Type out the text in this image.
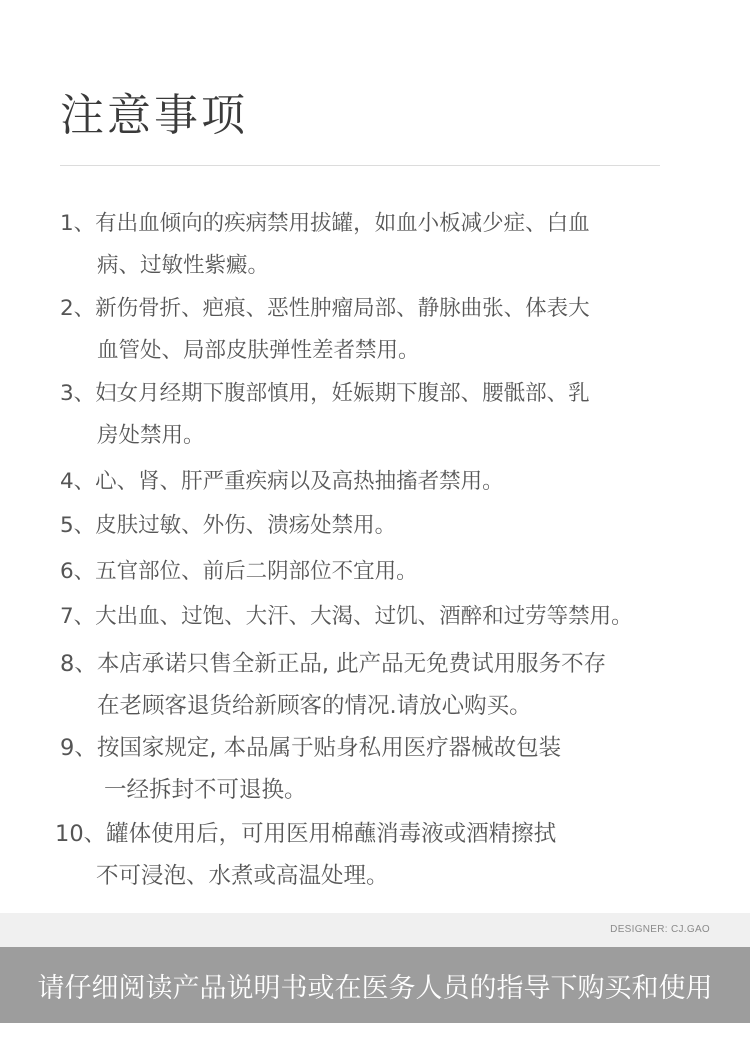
注意事项
1、有出血倾向的疾病禁用拔罐，如血小板减少症、白血
病、过敏性紫癜。
2、新伤骨折、疤痕、恶性肿瘤局部、静脉曲张、体表大
血管处、局部皮肤弹性差者禁用。
3、妇女月经期下腹部慎用，妊娠期下腹部、腰骶部、乳
房处禁用。
4、心、肾、肝严重疾病以及高热抽搐者禁用。
5、皮肤过敏、外伤、溃疡处禁用。
6、五官部位、前后二阴部位不宜用。
7、大出血、过饱、大汗、大渴、过饥、酒醉和过劳等禁用。
8、本店承诺只售全新正品, 此产品无免费试用服务不存
在老顾客退货给新顾客的情况.请放心购买。
9、按国家规定, 本品属于贴身私用医疗器械故包装
一经拆封不可退换。
10、罐体使用后，可用医用棉蘸消毒液或酒精擦拭
不可浸泡、水煮或高温处理。
DESIGNER: CJ.GAO
请仔细阅读产品说明书或在医务人员的指导下购买和使用
